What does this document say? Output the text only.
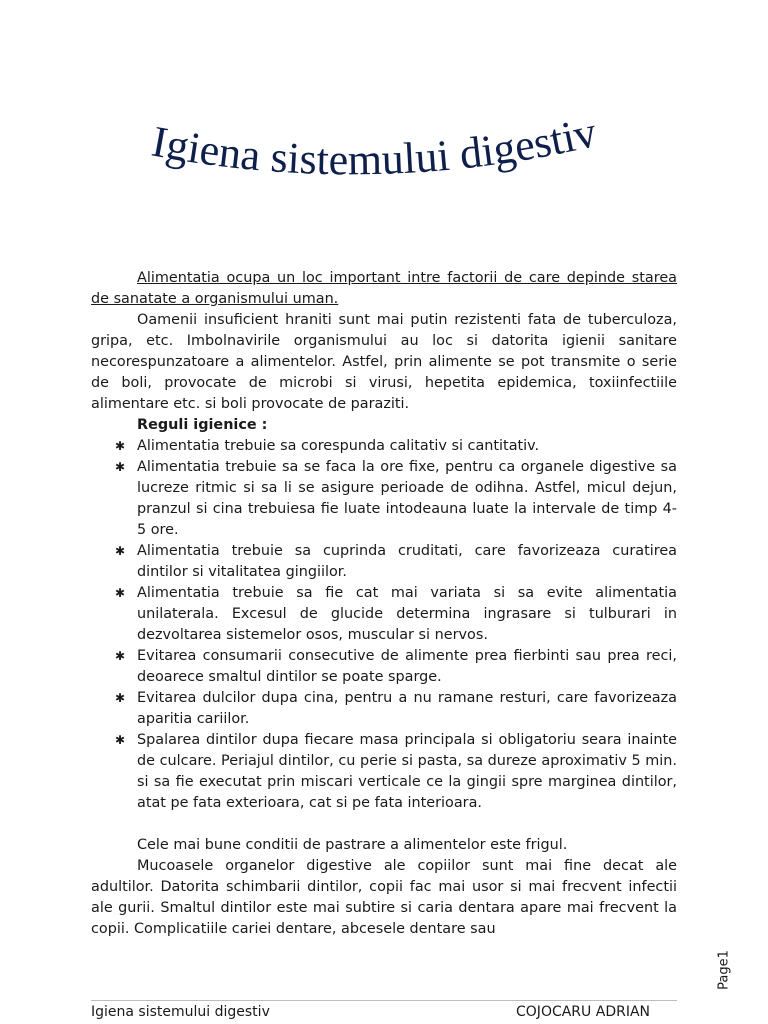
Igiena sistemului digestiv

Alimentatia ocupa un loc important intre factorii de care depinde starea de sanatate a organismului uman.

Oamenii insuficient hraniti sunt mai putin rezistenti fata de tuberculoza, gripa, etc. Imbolnavirile organismului au loc si datorita igienii sanitare necorespunzatoare a alimentelor. Astfel, prin alimente se pot transmite o serie de boli, provocate de microbi si virusi, hepetita epidemica, toxiinfectiile alimentare etc. si boli provocate de paraziti.

Reguli igienice :

✱ Alimentatia trebuie sa corespunda calitativ si cantitativ.
✱ Alimentatia trebuie sa se faca la ore fixe, pentru ca organele digestive sa lucreze ritmic si sa li se asigure perioade de odihna. Astfel, micul dejun, pranzul si cina trebuiesa fie luate intodeauna luate la intervale de timp 4-5 ore.
✱ Alimentatia trebuie sa cuprinda cruditati, care favorizeaza curatirea dintilor si vitalitatea gingiilor.
✱ Alimentatia trebuie sa fie cat mai variata si sa evite alimentatia unilaterala. Excesul de glucide determina ingrasare si tulburari in dezvoltarea sistemelor osos, muscular si nervos.
✱ Evitarea consumarii consecutive de alimente prea fierbinti sau prea reci, deoarece smaltul dintilor se poate sparge.
✱ Evitarea dulcilor dupa cina, pentru a nu ramane resturi, care favorizeaza aparitia cariilor.
✱ Spalarea dintilor dupa fiecare masa principala si obligatoriu seara inainte de culcare. Periajul dintilor, cu perie si pasta, sa dureze aproximativ 5 min. si sa fie executat prin miscari verticale ce la gingii spre marginea dintilor, atat pe fata exterioara, cat si pe fata interioara.

Cele mai bune conditii de pastrare a alimentelor este frigul.

Mucoasele organelor digestive ale copiilor sunt mai fine decat ale adultilor. Datorita schimbarii dintilor, copii fac mai usor si mai frecvent infectii ale gurii. Smaltul dintilor este mai subtire si caria dentara apare mai frecvent la copii. Complicatiile cariei dentare, abcesele dentare sau

Page1
Igiena sistemului digestiv	COJOCARU ADRIAN
